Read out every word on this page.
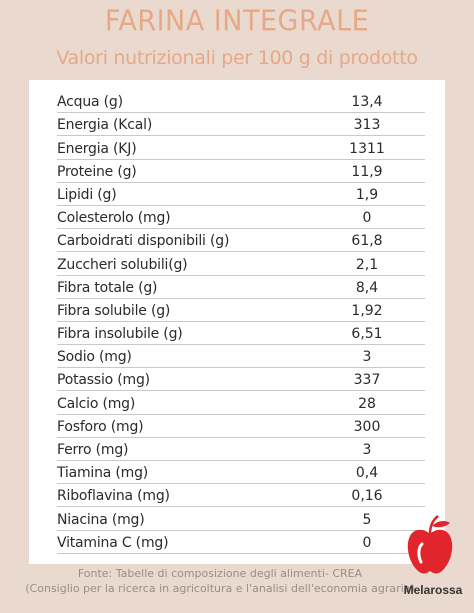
FARINA INTEGRALE
Valori nutrizionali per 100 g di prodotto
Acqua (g)	13,4
Energia (Kcal)	313
Energia (KJ)	1311
Proteine (g)	11,9
Lipidi (g)	1,9
Colesterolo (mg)	0
Carboidrati disponibili (g)	61,8
Zuccheri solubili(g)	2,1
Fibra totale (g)	8,4
Fibra solubile (g)	1,92
Fibra insolubile (g)	6,51
Sodio (mg)	3
Potassio (mg)	337
Calcio (mg)	28
Fosforo (mg)	300
Ferro (mg)	3
Tiamina (mg)	0,4
Riboflavina (mg)	0,16
Niacina (mg)	5
Vitamina C (mg)	0
Fonte: Tabelle di composizione degli alimenti- CREA
(Consiglio per la ricerca in agricoltura e l'analisi dell'economia agraria)
Melarossa
